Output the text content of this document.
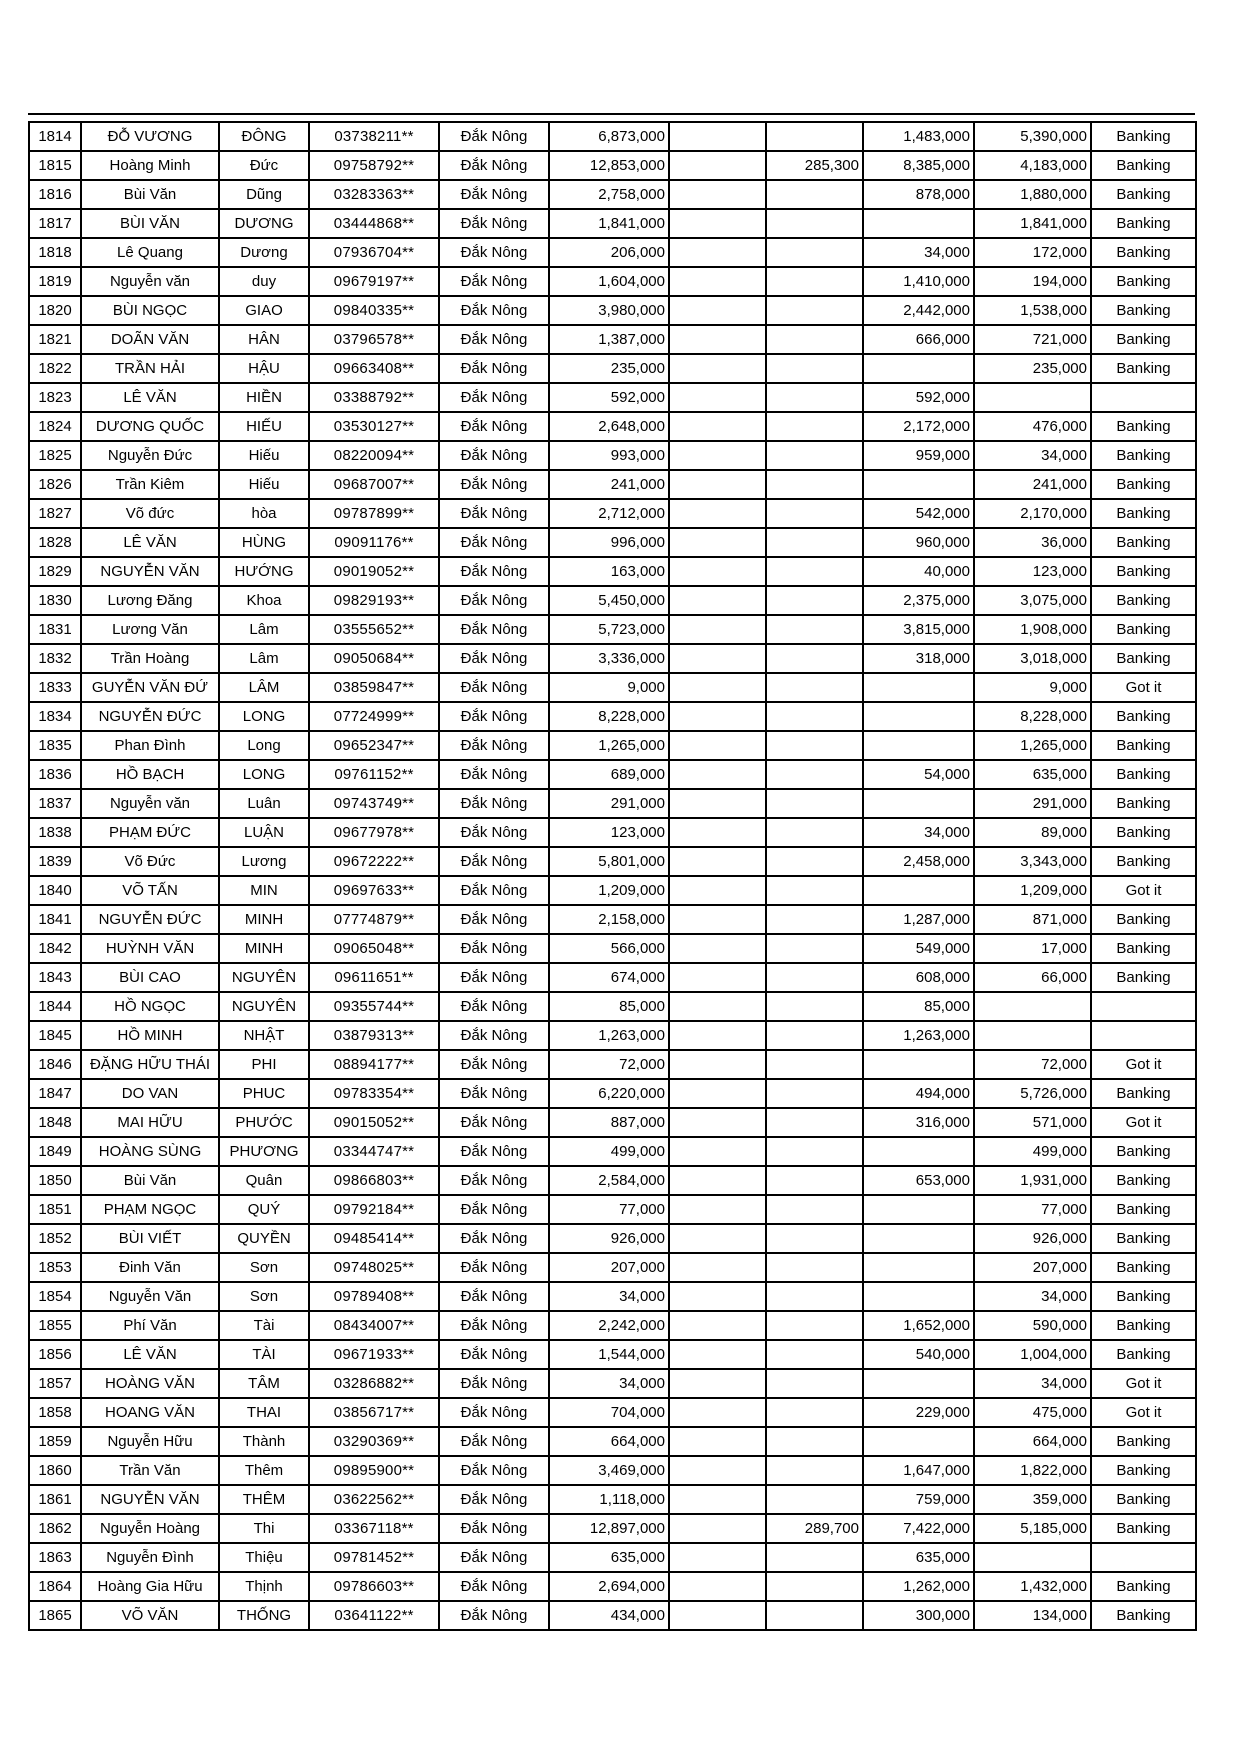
1814	ĐỖ VƯƠNG	ĐÔNG	03738211**	Đắk Nông	6,873,000			1,483,000	5,390,000	Banking
1815	Hoàng Minh	Đức	09758792**	Đắk Nông	12,853,000		285,300	8,385,000	4,183,000	Banking
1816	Bùi Văn	Dũng	03283363**	Đắk Nông	2,758,000			878,000	1,880,000	Banking
1817	BÙI VĂN	DƯƠNG	03444868**	Đắk Nông	1,841,000				1,841,000	Banking
1818	Lê Quang	Dương	07936704**	Đắk Nông	206,000			34,000	172,000	Banking
1819	Nguyễn văn	duy	09679197**	Đắk Nông	1,604,000			1,410,000	194,000	Banking
1820	BÙI NGỌC	GIAO	09840335**	Đắk Nông	3,980,000			2,442,000	1,538,000	Banking
1821	DOÃN VĂN	HÂN	03796578**	Đắk Nông	1,387,000			666,000	721,000	Banking
1822	TRẦN HẢI	HẬU	09663408**	Đắk Nông	235,000				235,000	Banking
1823	LÊ VĂN	HIỀN	03388792**	Đắk Nông	592,000			592,000		
1824	DƯƠNG QUỐC	HIẾU	03530127**	Đắk Nông	2,648,000			2,172,000	476,000	Banking
1825	Nguyễn Đức	Hiếu	08220094**	Đắk Nông	993,000			959,000	34,000	Banking
1826	Trần Kiêm	Hiếu	09687007**	Đắk Nông	241,000				241,000	Banking
1827	Võ đức	hòa	09787899**	Đắk Nông	2,712,000			542,000	2,170,000	Banking
1828	LÊ VĂN	HÙNG	09091176**	Đắk Nông	996,000			960,000	36,000	Banking
1829	NGUYỄN VĂN	HƯỚNG	09019052**	Đắk Nông	163,000			40,000	123,000	Banking
1830	Lương Đăng	Khoa	09829193**	Đắk Nông	5,450,000			2,375,000	3,075,000	Banking
1831	Lương Văn	Lâm	03555652**	Đắk Nông	5,723,000			3,815,000	1,908,000	Banking
1832	Trần Hoàng	Lâm	09050684**	Đắk Nông	3,336,000			318,000	3,018,000	Banking
1833	GUYỄN VĂN ĐỨ	LÂM	03859847**	Đắk Nông	9,000				9,000	Got it
1834	NGUYỄN ĐỨC	LONG	07724999**	Đắk Nông	8,228,000				8,228,000	Banking
1835	Phan Đình	Long	09652347**	Đắk Nông	1,265,000				1,265,000	Banking
1836	HỒ BẠCH	LONG	09761152**	Đắk Nông	689,000			54,000	635,000	Banking
1837	Nguyễn văn	Luân	09743749**	Đắk Nông	291,000				291,000	Banking
1838	PHẠM ĐỨC	LUẬN	09677978**	Đắk Nông	123,000			34,000	89,000	Banking
1839	Võ Đức	Lương	09672222**	Đắk Nông	5,801,000			2,458,000	3,343,000	Banking
1840	VÕ TẤN	MIN	09697633**	Đắk Nông	1,209,000				1,209,000	Got it
1841	NGUYỄN ĐỨC	MINH	07774879**	Đắk Nông	2,158,000			1,287,000	871,000	Banking
1842	HUỲNH VĂN	MINH	09065048**	Đắk Nông	566,000			549,000	17,000	Banking
1843	BÙI CAO	NGUYÊN	09611651**	Đắk Nông	674,000			608,000	66,000	Banking
1844	HỒ NGỌC	NGUYÊN	09355744**	Đắk Nông	85,000			85,000		
1845	HỒ MINH	NHẬT	03879313**	Đắk Nông	1,263,000			1,263,000		
1846	ĐẶNG HỮU THÁI	PHI	08894177**	Đắk Nông	72,000				72,000	Got it
1847	DO VAN	PHUC	09783354**	Đắk Nông	6,220,000			494,000	5,726,000	Banking
1848	MAI HỮU	PHƯỚC	09015052**	Đắk Nông	887,000			316,000	571,000	Got it
1849	HOÀNG SÙNG	PHƯƠNG	03344747**	Đắk Nông	499,000				499,000	Banking
1850	Bùi Văn	Quân	09866803**	Đắk Nông	2,584,000			653,000	1,931,000	Banking
1851	PHẠM NGỌC	QUÝ	09792184**	Đắk Nông	77,000				77,000	Banking
1852	BÙI VIẾT	QUYỀN	09485414**	Đắk Nông	926,000				926,000	Banking
1853	Đinh Văn	Sơn	09748025**	Đắk Nông	207,000				207,000	Banking
1854	Nguyễn Văn	Sơn	09789408**	Đắk Nông	34,000				34,000	Banking
1855	Phí Văn	Tài	08434007**	Đắk Nông	2,242,000			1,652,000	590,000	Banking
1856	LÊ VĂN	TÀI	09671933**	Đắk Nông	1,544,000			540,000	1,004,000	Banking
1857	HOÀNG VĂN	TÂM	03286882**	Đắk Nông	34,000				34,000	Got it
1858	HOANG VĂN	THAI	03856717**	Đắk Nông	704,000			229,000	475,000	Got it
1859	Nguyễn Hữu	Thành	03290369**	Đắk Nông	664,000				664,000	Banking
1860	Trần Văn	Thêm	09895900**	Đắk Nông	3,469,000			1,647,000	1,822,000	Banking
1861	NGUYỄN VĂN	THÊM	03622562**	Đắk Nông	1,118,000			759,000	359,000	Banking
1862	Nguyễn Hoàng	Thi	03367118**	Đắk Nông	12,897,000		289,700	7,422,000	5,185,000	Banking
1863	Nguyễn Đình	Thiệu	09781452**	Đắk Nông	635,000			635,000		
1864	Hoàng Gia Hữu	Thịnh	09786603**	Đắk Nông	2,694,000			1,262,000	1,432,000	Banking
1865	VÕ VĂN	THỐNG	03641122**	Đắk Nông	434,000			300,000	134,000	Banking
